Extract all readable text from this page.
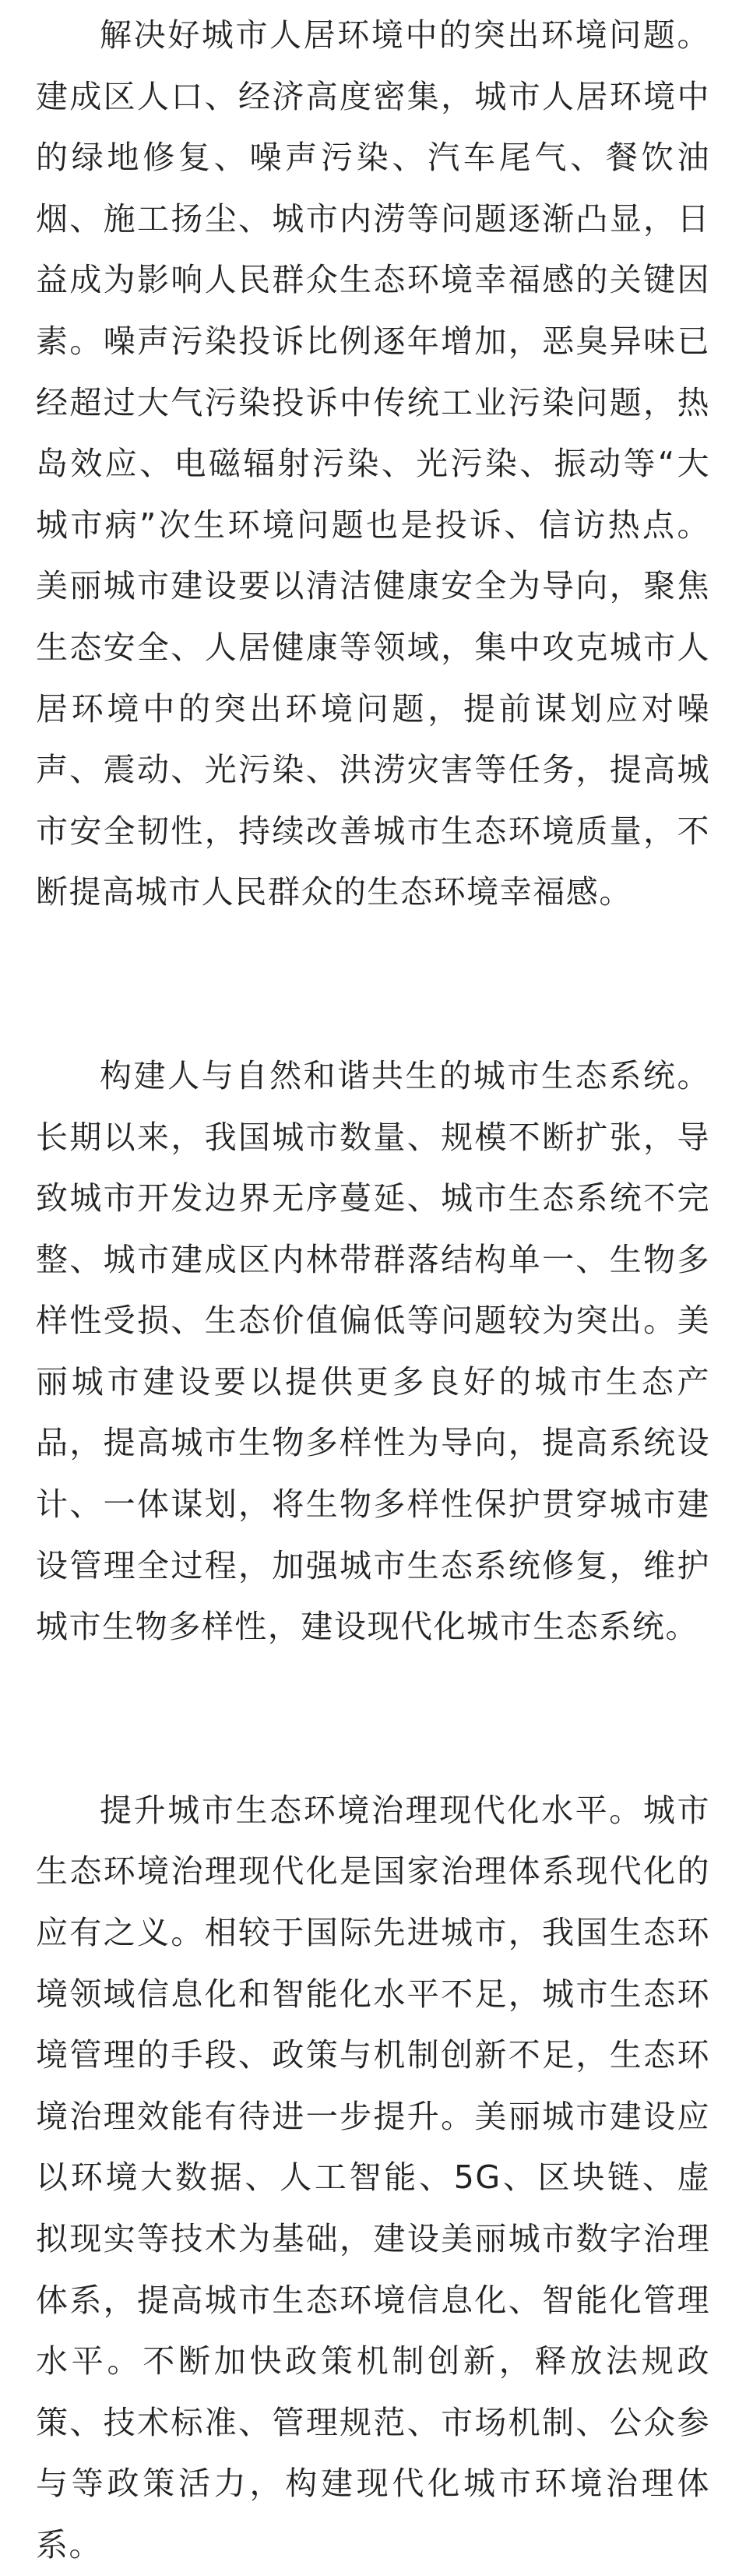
解决好城市人居环境中的突出环境问题。建成区人口、经济高度密集，城市人居环境中的绿地修复、噪声污染、汽车尾气、餐饮油烟、施工扬尘、城市内涝等问题逐渐凸显，日益成为影响人民群众生态环境幸福感的关键因素。噪声污染投诉比例逐年增加，恶臭异味已经超过大气污染投诉中传统工业污染问题，热岛效应、电磁辐射污染、光污染、振动等“大城市病”次生环境问题也是投诉、信访热点。美丽城市建设要以清洁健康安全为导向，聚焦生态安全、人居健康等领域，集中攻克城市人居环境中的突出环境问题，提前谋划应对噪声、震动、光污染、洪涝灾害等任务，提高城市安全韧性，持续改善城市生态环境质量，不断提高城市人民群众的生态环境幸福感。

构建人与自然和谐共生的城市生态系统。长期以来，我国城市数量、规模不断扩张，导致城市开发边界无序蔓延、城市生态系统不完整、城市建成区内林带群落结构单一、生物多样性受损、生态价值偏低等问题较为突出。美丽城市建设要以提供更多良好的城市生态产品，提高城市生物多样性为导向，提高系统设计、一体谋划，将生物多样性保护贯穿城市建设管理全过程，加强城市生态系统修复，维护城市生物多样性，建设现代化城市生态系统。

提升城市生态环境治理现代化水平。城市生态环境治理现代化是国家治理体系现代化的应有之义。相较于国际先进城市，我国生态环境领域信息化和智能化水平不足，城市生态环境管理的手段、政策与机制创新不足，生态环境治理效能有待进一步提升。美丽城市建设应以环境大数据、人工智能、5G、区块链、虚拟现实等技术为基础，建设美丽城市数字治理体系，提高城市生态环境信息化、智能化管理水平。不断加快政策机制创新，释放法规政策、技术标准、管理规范、市场机制、公众参与等政策活力，构建现代化城市环境治理体系。
